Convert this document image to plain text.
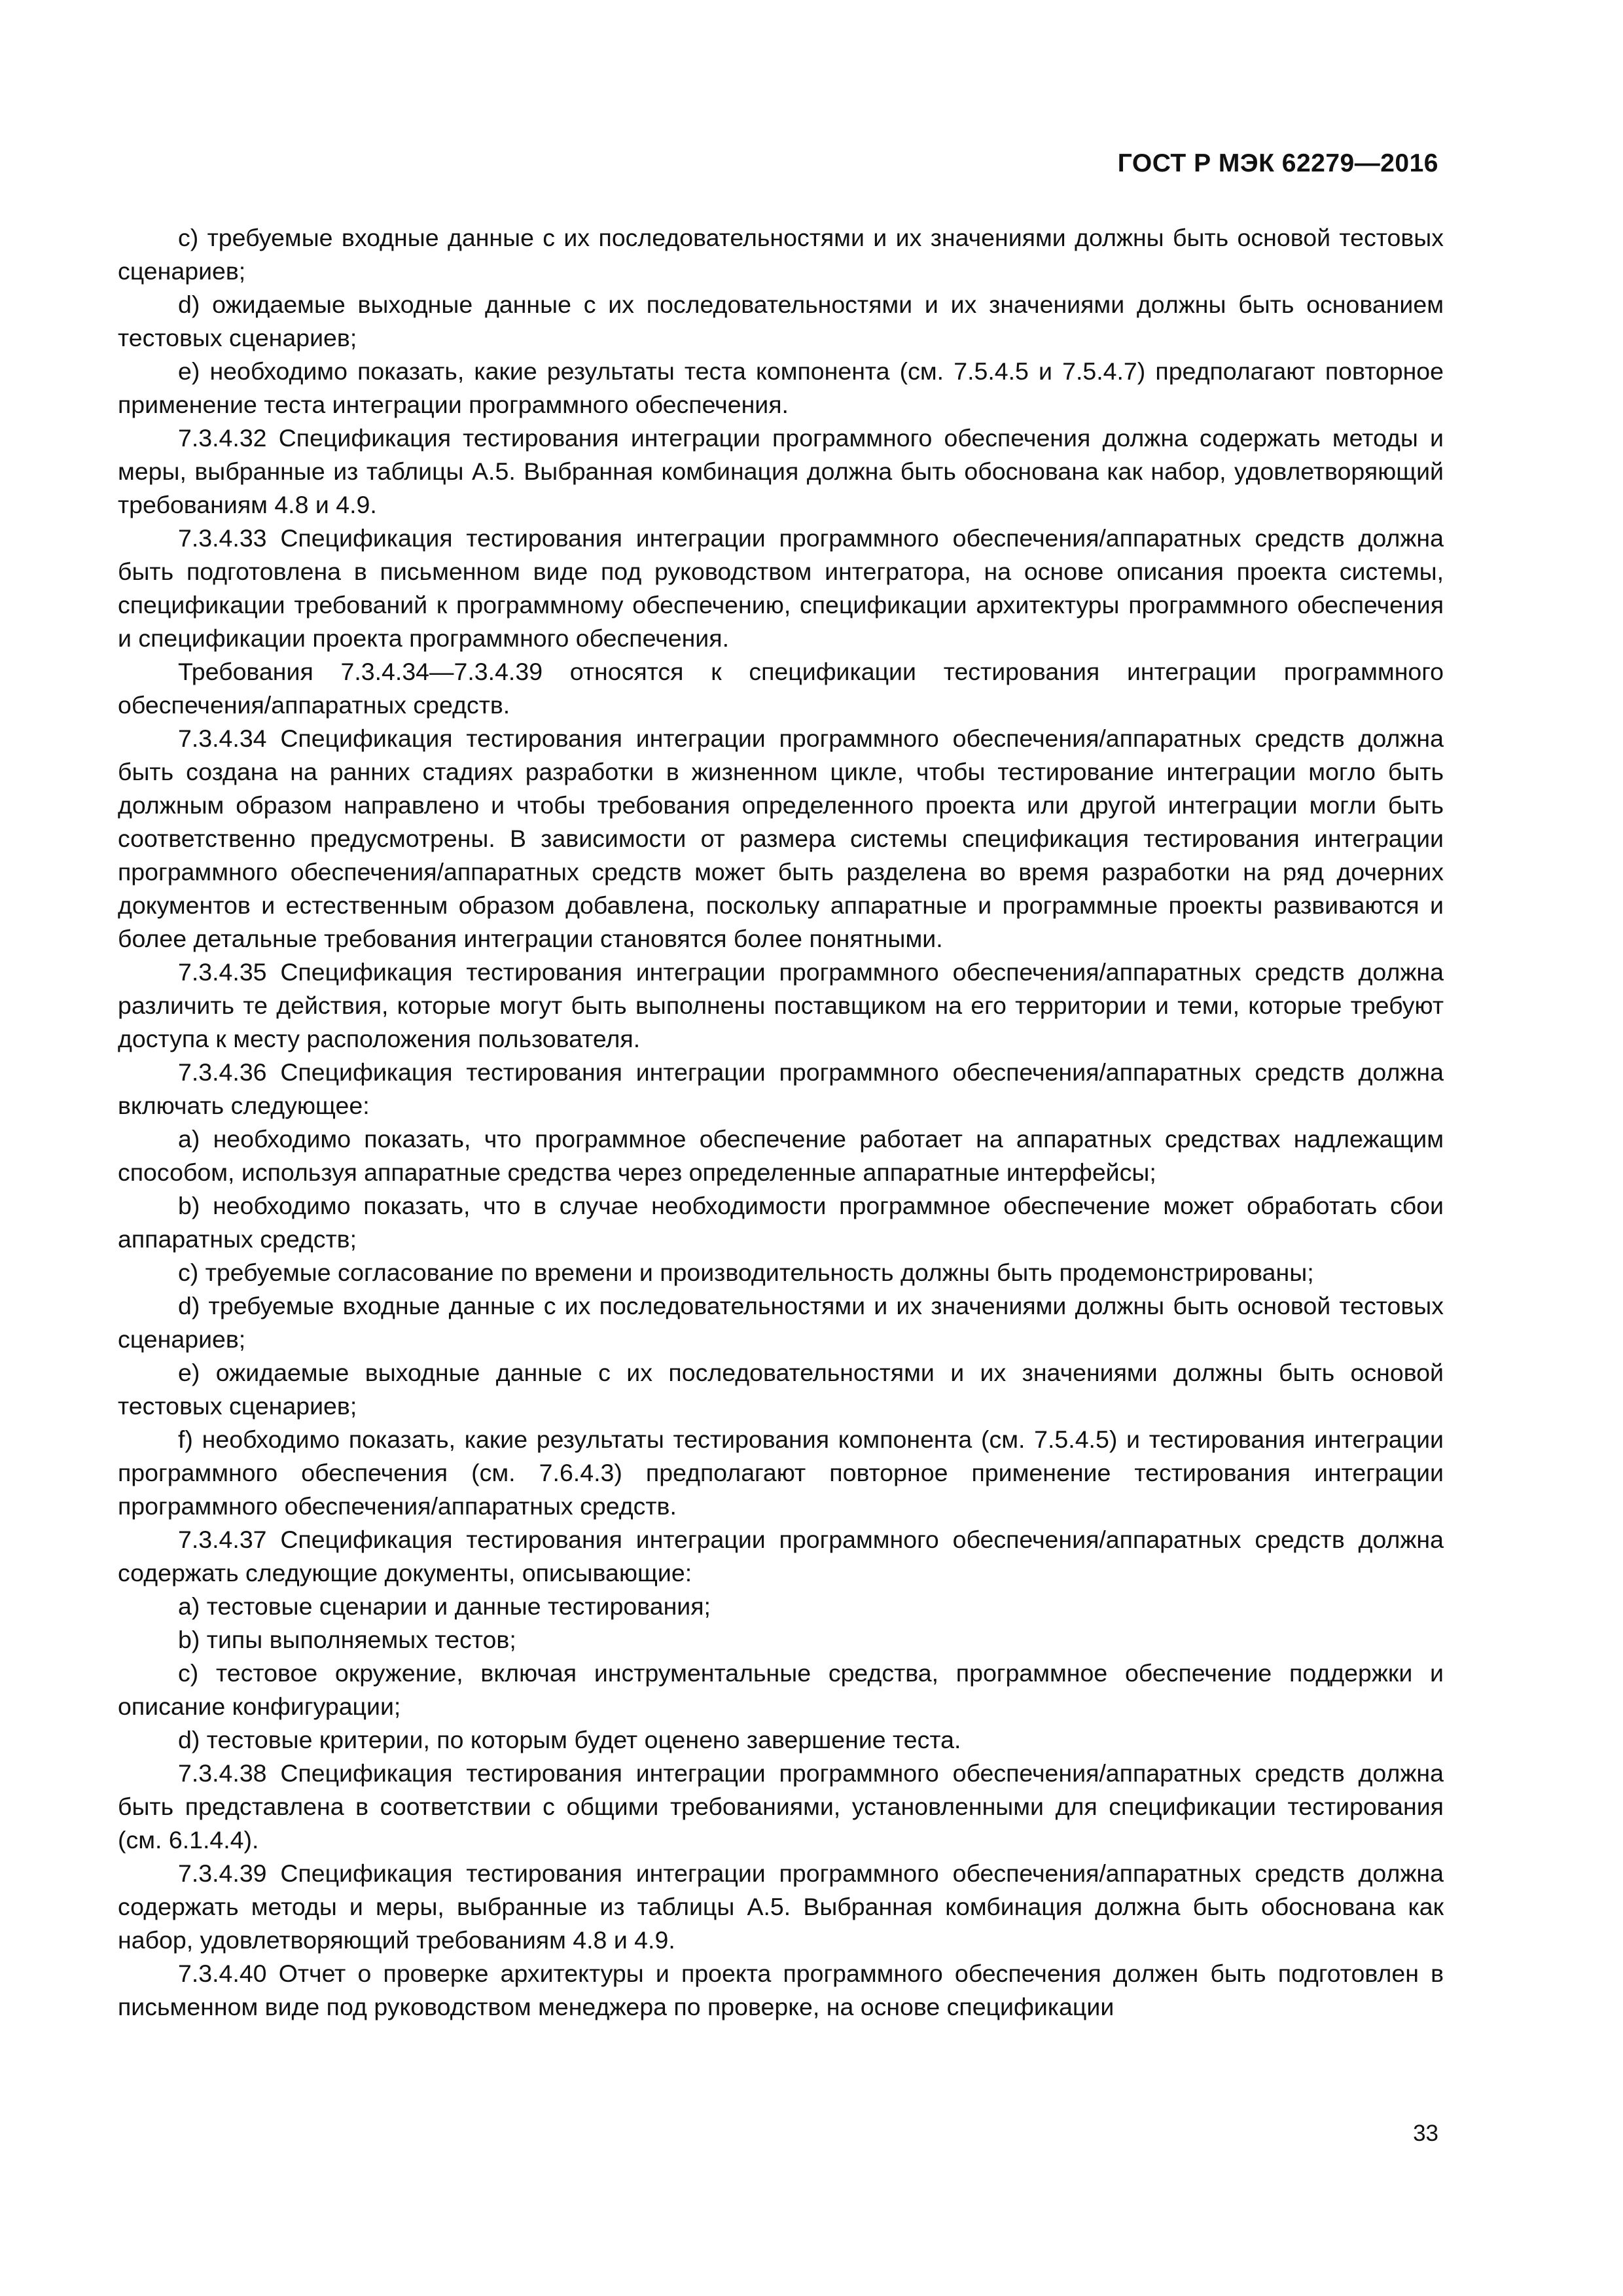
ГОСТ Р МЭК 62279—2016

с) требуемые входные данные с их последовательностями и их значениями должны быть основой тестовых сценариев;

d) ожидаемые выходные данные с их последовательностями и их значениями должны быть основанием тестовых сценариев;

е) необходимо показать, какие результаты теста компонента (см. 7.5.4.5 и 7.5.4.7) предполагают повторное применение теста интеграции программного обеспечения.

7.3.4.32 Спецификация тестирования интеграции программного обеспечения должна содержать методы и меры, выбранные из таблицы А.5. Выбранная комбинация должна быть обоснована как набор, удовлетворяющий требованиям 4.8 и 4.9.

7.3.4.33 Спецификация тестирования интеграции программного обеспечения/аппаратных средств должна быть подготовлена в письменном виде под руководством интегратора, на основе описания проекта системы, спецификации требований к программному обеспечению, спецификации архитектуры программного обеспечения и спецификации проекта программного обеспечения.

Требования 7.3.4.34—7.3.4.39 относятся к спецификации тестирования интеграции программного обеспечения/аппаратных средств.

7.3.4.34 Спецификация тестирования интеграции программного обеспечения/аппаратных средств должна быть создана на ранних стадиях разработки в жизненном цикле, чтобы тестирование интеграции могло быть должным образом направлено и чтобы требования определенного проекта или другой интеграции могли быть соответственно предусмотрены. В зависимости от размера системы спецификация тестирования интеграции программного обеспечения/аппаратных средств может быть разделена во время разработки на ряд дочерних документов и естественным образом добавлена, поскольку аппаратные и программные проекты развиваются и более детальные требования интеграции становятся более понятными.

7.3.4.35 Спецификация тестирования интеграции программного обеспечения/аппаратных средств должна различить те действия, которые могут быть выполнены поставщиком на его территории и теми, которые требуют доступа к месту расположения пользователя.

7.3.4.36 Спецификация тестирования интеграции программного обеспечения/аппаратных средств должна включать следующее:

а) необходимо показать, что программное обеспечение работает на аппаратных средствах надлежащим способом, используя аппаратные средства через определенные аппаратные интерфейсы;

b) необходимо показать, что в случае необходимости программное обеспечение может обработать сбои аппаратных средств;

с) требуемые согласование по времени и производительность должны быть продемонстрированы;

d) требуемые входные данные с их последовательностями и их значениями должны быть основой тестовых сценариев;

е) ожидаемые выходные данные с их последовательностями и их значениями должны быть основой тестовых сценариев;

f) необходимо показать, какие результаты тестирования компонента (см. 7.5.4.5) и тестирования интеграции программного обеспечения (см. 7.6.4.3) предполагают повторное применение тестирования интеграции программного обеспечения/аппаратных средств.

7.3.4.37 Спецификация тестирования интеграции программного обеспечения/аппаратных средств должна содержать следующие документы, описывающие:

а) тестовые сценарии и данные тестирования;

b) типы выполняемых тестов;

с) тестовое окружение, включая инструментальные средства, программное обеспечение поддержки и описание конфигурации;

d) тестовые критерии, по которым будет оценено завершение теста.

7.3.4.38 Спецификация тестирования интеграции программного обеспечения/аппаратных средств должна быть представлена в соответствии с общими требованиями, установленными для спецификации тестирования (см. 6.1.4.4).

7.3.4.39 Спецификация тестирования интеграции программного обеспечения/аппаратных средств должна содержать методы и меры, выбранные из таблицы А.5. Выбранная комбинация должна быть обоснована как набор, удовлетворяющий требованиям 4.8 и 4.9.

7.3.4.40 Отчет о проверке архитектуры и проекта программного обеспечения должен быть подготовлен в письменном виде под руководством менеджера по проверке, на основе спецификации

33
